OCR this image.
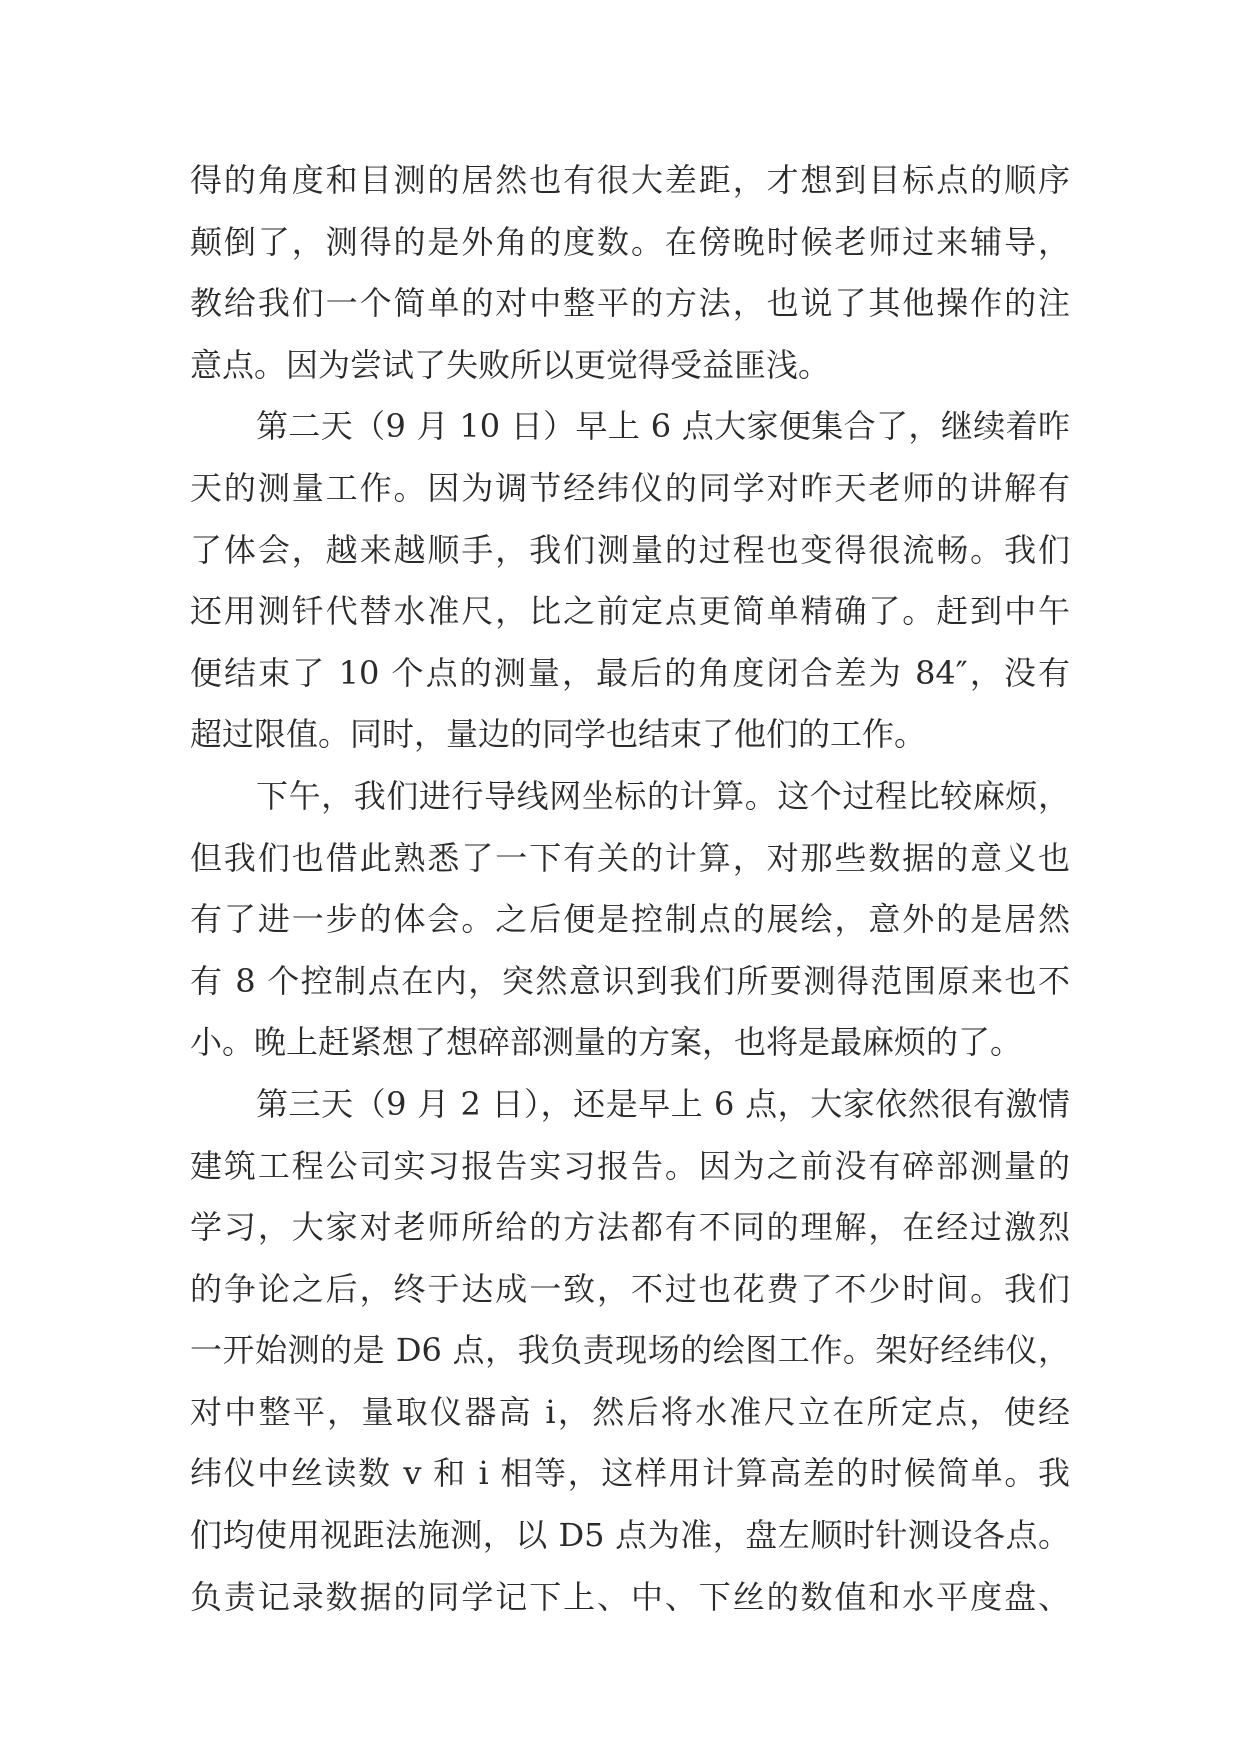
得的角度和目测的居然也有很大差距，才想到目标点的顺序
颠倒了，测得的是外角的度数。在傍晚时候老师过来辅导，
教给我们一个简单的对中整平的方法，也说了其他操作的注
意点。因为尝试了失败所以更觉得受益匪浅。
第二天（9 月 10 日）早上 6 点大家便集合了，继续着昨
天的测量工作。因为调节经纬仪的同学对昨天老师的讲解有
了体会，越来越顺手，我们测量的过程也变得很流畅。我们
还用测钎代替水准尺，比之前定点更简单精确了。赶到中午
便结束了 10 个点的测量，最后的角度闭合差为 84″，没有
超过限值。同时，量边的同学也结束了他们的工作。
下午，我们进行导线网坐标的计算。这个过程比较麻烦，
但我们也借此熟悉了一下有关的计算，对那些数据的意义也
有了进一步的体会。之后便是控制点的展绘，意外的是居然
有 8 个控制点在内，突然意识到我们所要测得范围原来也不
小。晚上赶紧想了想碎部测量的方案，也将是最麻烦的了。
第三天（9 月 2 日），还是早上 6 点，大家依然很有激情
建筑工程公司实习报告实习报告。因为之前没有碎部测量的
学习，大家对老师所给的方法都有不同的理解，在经过激烈
的争论之后，终于达成一致，不过也花费了不少时间。我们
一开始测的是 D6 点，我负责现场的绘图工作。架好经纬仪，
对中整平，量取仪器高 i，然后将水准尺立在所定点，使经
纬仪中丝读数 v 和 i 相等，这样用计算高差的时候简单。我
们均使用视距法施测，以 D5 点为准，盘左顺时针测设各点。
负责记录数据的同学记下上、中、下丝的数值和水平度盘、
